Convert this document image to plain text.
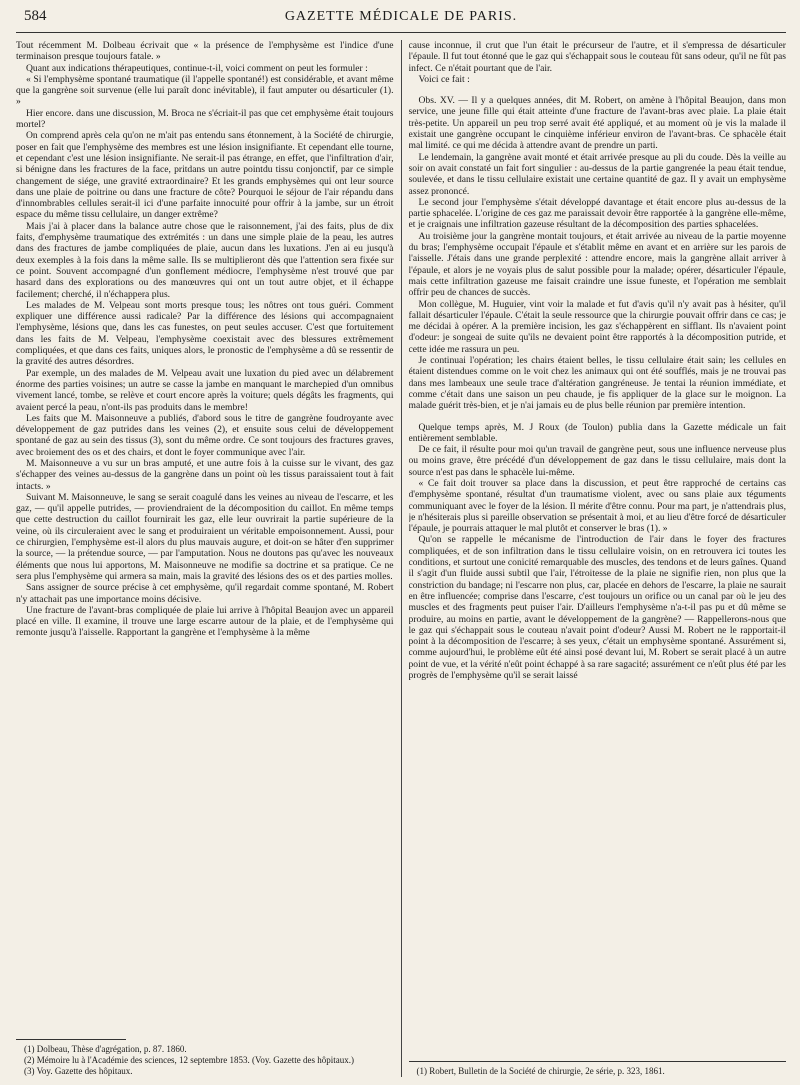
584	GAZETTE MÉDICALE DE PARIS.

Tout récemment M. Dolbeau écrivait que « la présence de l'emphysème est l'indice d'une terminaison presque toujours fatale. »

Quant aux indications thérapeutiques, continue-t-il, voici comment on peut les formuler :

« Si l'emphysème spontané traumatique (il l'appelle spontané!) est considérable, et avant même que la gangrène soit survenue (elle lui paraît donc inévitable), il faut amputer ou désarticuler (1). »

Hier encore. dans une discussion, M. Broca ne s'écriait-il pas que cet emphysème était toujours mortel?

On comprend après cela qu'on ne m'ait pas entendu sans étonnement, à la Société de chirurgie, poser en fait que l'emphysème des membres est une lésion insignifiante. Et cependant elle tourne, et cependant c'est une lésion insignifiante. Ne serait-il pas étrange, en effet, que l'infiltration d'air, si bénigne dans les fractures de la face, pritdans un autre pointdu tissu conjonctif, par ce simple changement de siége, une gravité extraordinaire? Et les grands emphysèmes qui ont leur source dans une plaie de poitrine ou dans une fracture de côte? Pourquoi le séjour de l'air répandu dans d'innombrables cellules serait-il ici d'une parfaite innocuité pour offrir à la jambe, sur un étroit espace du même tissu cellulaire, un danger extrême?

Mais j'ai à placer dans la balance autre chose que le raisonnement, j'ai des faits, plus de dix faits, d'emphysème traumatique des extrémités : un dans une simple plaie de la peau, les autres dans des fractures de jambe compliquées de plaie, aucun dans les luxations. J'en ai eu jusqu'à deux exemples à la fois dans la même salle. Ils se multiplieront dès que l'attention sera fixée sur ce point. Souvent accompagné d'un gonflement médiocre, l'emphysème n'est trouvé que par hasard dans des explorations ou des manœuvres qui ont un tout autre objet, et il échappe facilement; cherché, il n'échappera plus.

Les malades de M. Velpeau sont morts presque tous; les nôtres ont tous guéri. Comment expliquer une différence aussi radicale? Par la différence des lésions qui accompagnaient l'emphysème, lésions que, dans les cas funestes, on peut seules accuser. C'est que fortuitement dans les faits de M. Velpeau, l'emphysème coexistait avec des blessures extrêmement compliquées, et que dans ces faits, uniques alors, le pronostic de l'emphysème a dû se ressentir de la gravité des autres désordres.

Par exemple, un des malades de M. Velpeau avait une luxation du pied avec un délabrement énorme des parties voisines; un autre se casse la jambe en manquant le marchepied d'un omnibus vivement lancé, tombe, se relève et court encore après la voiture; quels dégâts les fragments, qui avaient percé la peau, n'ont-ils pas produits dans le membre!

Les faits que M. Maisonneuve a publiés, d'abord sous le titre de gangrène foudroyante avec développement de gaz putrides dans les veines (2), et ensuite sous celui de développement spontané de gaz au sein des tissus (3), sont du même ordre. Ce sont toujours des fractures graves, avec broiement des os et des chairs, et dont le foyer communique avec l'air.

M. Maisonneuve a vu sur un bras amputé, et une autre fois à la cuisse sur le vivant, des gaz s'échapper des veines au-dessus de la gangrène dans un point où les tissus paraissaient tout à fait intacts. »

Suivant M. Maisonneuve, le sang se serait coagulé dans les veines au niveau de l'escarre, et les gaz, — qu'il appelle putrides, — proviendraient de la décomposition du caillot. En même temps que cette destruction du caillot fournirait les gaz, elle leur ouvrirait la partie supérieure de la veine, où ils circuleraient avec le sang et produiraient un véritable empoisonnement. Aussi, pour ce chirurgien, l'emphysème est-il alors du plus mauvais augure, et doit-on se hâter d'en supprimer la source, — la prétendue source, — par l'amputation. Nous ne doutons pas qu'avec les nouveaux éléments que nous lui apportons, M. Maisonneuve ne modifie sa doctrine et sa pratique. Ce ne sera plus l'emphysème qui armera sa main, mais la gravité des lésions des os et des parties molles.

Sans assigner de source précise à cet emphysème, qu'il regardait comme spontané, M. Robert n'y attachait pas une importance moins décisive.

Une fracture de l'avant-bras compliquée de plaie lui arrive à l'hôpital Beaujon avec un appareil placé en ville. Il examine, il trouve une large escarre autour de la plaie, et de l'emphysème qui remonte jusqu'à l'aisselle. Rapportant la gangrène et l'emphysème à la même

(1) Dolbeau, Thèse d'agrégation, p. 87. 1860.

(2) Mémoire lu à l'Académie des sciences, 12 septembre 1853. (Voy. Gazette des hôpitaux.)

(3) Voy. Gazette des hôpitaux.

cause inconnue, il crut que l'un était le précurseur de l'autre, et il s'empressa de désarticuler l'épaule. Il fut tout étonné que le gaz qui s'échappait sous le couteau fût sans odeur, qu'il ne fût pas infect. Ce n'était pourtant que de l'air.

Voici ce fait :

Obs. XV. — Il y a quelques années, dit M. Robert, on amène à l'hôpital Beaujon, dans mon service, une jeune fille qui était atteinte d'une fracture de l'avant-bras avec plaie. La plaie était très-petite. Un appareil un peu trop serré avait été appliqué, et au moment où je vis la malade il existait une gangrène occupant le cinquième inférieur environ de l'avant-bras. Ce sphacèle était mal limité. ce qui me décida à attendre avant de prendre un parti.

Le lendemain, la gangrène avait monté et était arrivée presque au pli du coude. Dès la veille au soir on avait constaté un fait fort singulier : au-dessus de la partie gangrenée la peau était tendue, soulevée, et dans le tissu cellulaire existait une certaine quantité de gaz. Il y avait un emphysème assez prononcé.

Le second jour l'emphysème s'était développé davantage et était encore plus au-dessus de la partie sphacelée. L'origine de ces gaz me paraissait devoir être rapportée à la gangrène elle-même, et je craignais une infiltration gazeuse résultant de la décomposition des parties sphacelées.

Au troisième jour la gangrène montait toujours, et était arrivée au niveau de la partie moyenne du bras; l'emphysème occupait l'épaule et s'établit même en avant et en arrière sur les parois de l'aisselle. J'étais dans une grande perplexité : attendre encore, mais la gangrène allait arriver à l'épaule, et alors je ne voyais plus de salut possible pour la malade; opérer, désarticuler l'épaule, mais cette infiltration gazeuse me faisait craindre une issue funeste, et l'opération me semblait offrir peu de chances de succès.

Mon collègue, M. Huguier, vint voir la malade et fut d'avis qu'il n'y avait pas à hésiter, qu'il fallait désarticuler l'épaule. C'était la seule ressource que la chirurgie pouvait offrir dans ce cas; je me décidai à opérer. A la première incision, les gaz s'échappèrent en sifflant. Ils n'avaient point d'odeur: je songeai de suite qu'ils ne devaient point être rapportés à la décomposition putride, et cette idée me rassura un peu.

Je continuai l'opération; les chairs étaient belles, le tissu cellulaire était sain; les cellules en étaient distendues comme on le voit chez les animaux qui ont été soufflés, mais je ne trouvai pas dans mes lambeaux une seule trace d'altération gangréneuse. Je tentai la réunion immédiate, et comme c'était dans une saison un peu chaude, je fis appliquer de la glace sur le moignon. La malade guérit très-bien, et je n'ai jamais eu de plus belle réunion par première intention.

Quelque temps après, M. J Roux (de Toulon) publia dans la Gazette médicale un fait entièrement semblable.

De ce fait, il résulte pour moi qu'un travail de gangrène peut, sous une influence nerveuse plus ou moins grave, être précédé d'un développement de gaz dans le tissu cellulaire, mais dont la source n'est pas dans le sphacèle lui-même.

« Ce fait doit trouver sa place dans la discussion, et peut être rapproché de certains cas d'emphysème spontané, résultat d'un traumatisme violent, avec ou sans plaie aux téguments communiquant avec le foyer de la lésion. Il mérite d'être connu. Pour ma part, je n'attendrais plus, je n'hésiterais plus si pareille observation se présentait à moi, et au lieu d'être forcé de désarticuler l'épaule, je pourrais attaquer le mal plutôt et conserver le bras (1). »

Qu'on se rappelle le mécanisme de l'introduction de l'air dans le foyer des fractures compliquées, et de son infiltration dans le tissu cellulaire voisin, on en retrouvera ici toutes les conditions, et surtout une conicité remarquable des muscles, des tendons et de leurs gaînes. Quand il s'agit d'un fluide aussi subtil que l'air, l'étroitesse de la plaie ne signifie rien, non plus que la constriction du bandage; ni l'escarre non plus, car, placée en dehors de l'escarre, la plaie ne saurait en être influencée; comprise dans l'escarre, c'est toujours un orifice ou un canal par où le jeu des muscles et des fragments peut puiser l'air. D'ailleurs l'emphysème n'a-t-il pas pu et dû même se produire, au moins en partie, avant le développement de la gangrène? — Rappellerons-nous que le gaz qui s'échappait sous le couteau n'avait point d'odeur? Aussi M. Robert ne le rapportait-il point à la décomposition de l'escarre; à ses yeux, c'était un emphysème spontané. Assurément si, comme aujourd'hui, le problème eût été ainsi posé devant lui, M. Robert se serait placé à un autre point de vue, et la vérité n'eût point échappé à sa rare sagacité; assurément ce n'eût plus été par les progrès de l'emphysème qu'il se serait laissé

(1) Robert, Bulletin de la Société de chirurgie, 2e série, p. 323, 1861.
